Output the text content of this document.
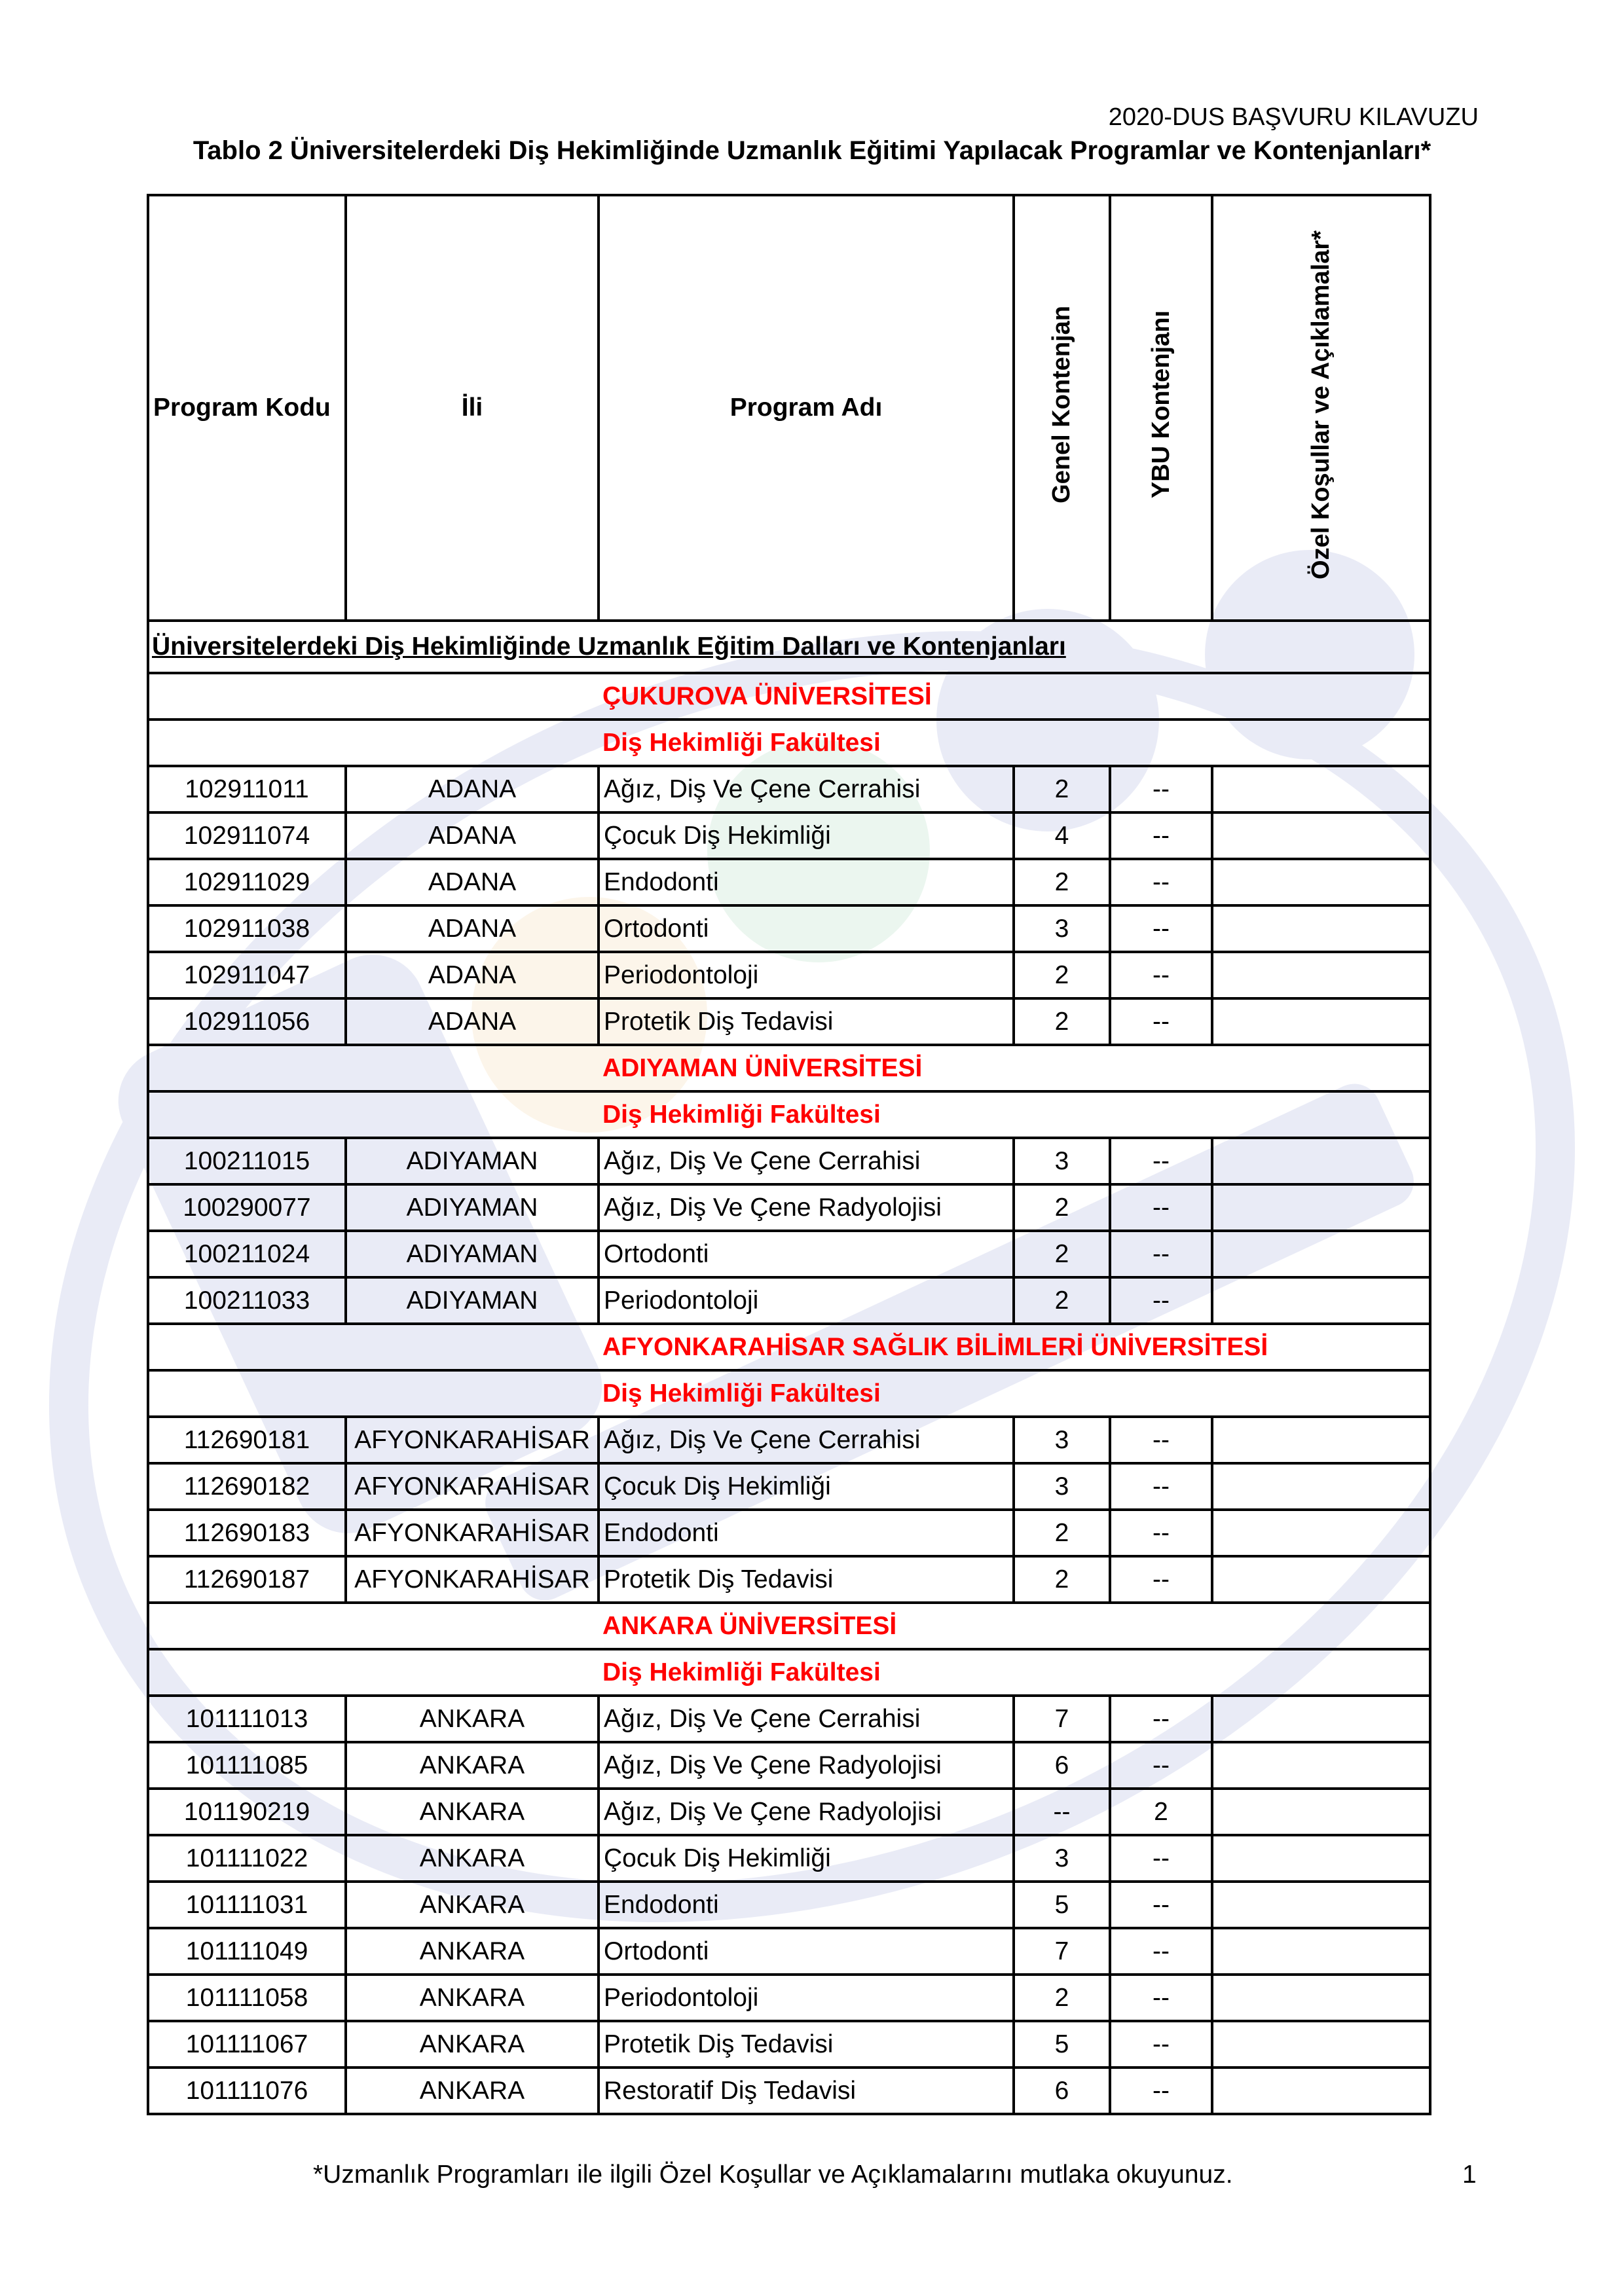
2020-DUS BAŞVURU KILAVUZU
Tablo 2 Üniversitelerdeki Diş Hekimliğinde Uzmanlık Eğitimi Yapılacak Programlar ve Kontenjanları*
Program Kodu	İli	Program Adı	Genel Kontenjan	YBU Kontenjanı	Özel Koşullar ve Açıklamalar*
Üniversitelerdeki Diş Hekimliğinde Uzmanlık Eğitim Dalları ve Kontenjanları					
		ÇUKUROVA ÜNİVERSİTESİ			
		Diş Hekimliği Fakültesi			
102911011	ADANA	Ağız, Diş Ve Çene Cerrahisi	2	--	
102911074	ADANA	Çocuk Diş Hekimliği	4	--	
102911029	ADANA	Endodonti	2	--	
102911038	ADANA	Ortodonti	3	--	
102911047	ADANA	Periodontoloji	2	--	
102911056	ADANA	Protetik Diş Tedavisi	2	--	
		ADIYAMAN ÜNİVERSİTESİ			
		Diş Hekimliği Fakültesi			
100211015	ADIYAMAN	Ağız, Diş Ve Çene Cerrahisi	3	--	
100290077	ADIYAMAN	Ağız, Diş Ve Çene Radyolojisi	2	--	
100211024	ADIYAMAN	Ortodonti	2	--	
100211033	ADIYAMAN	Periodontoloji	2	--	
		AFYONKARAHİSAR SAĞLIK BİLİMLERİ ÜNİVERSİTESİ			
		Diş Hekimliği Fakültesi			
112690181	AFYONKARAHİSAR	Ağız, Diş Ve Çene Cerrahisi	3	--	
112690182	AFYONKARAHİSAR	Çocuk Diş Hekimliği	3	--	
112690183	AFYONKARAHİSAR	Endodonti	2	--	
112690187	AFYONKARAHİSAR	Protetik Diş Tedavisi	2	--	
		ANKARA ÜNİVERSİTESİ			
		Diş Hekimliği Fakültesi			
101111013	ANKARA	Ağız, Diş Ve Çene Cerrahisi	7	--	
101111085	ANKARA	Ağız, Diş Ve Çene Radyolojisi	6	--	
101190219	ANKARA	Ağız, Diş Ve Çene Radyolojisi	--	2	
101111022	ANKARA	Çocuk Diş Hekimliği	3	--	
101111031	ANKARA	Endodonti	5	--	
101111049	ANKARA	Ortodonti	7	--	
101111058	ANKARA	Periodontoloji	2	--	
101111067	ANKARA	Protetik Diş Tedavisi	5	--	
101111076	ANKARA	Restoratif Diş Tedavisi	6	--	
*Uzmanlık Programları ile ilgili Özel Koşullar ve Açıklamalarını mutlaka okuyunuz.	1
